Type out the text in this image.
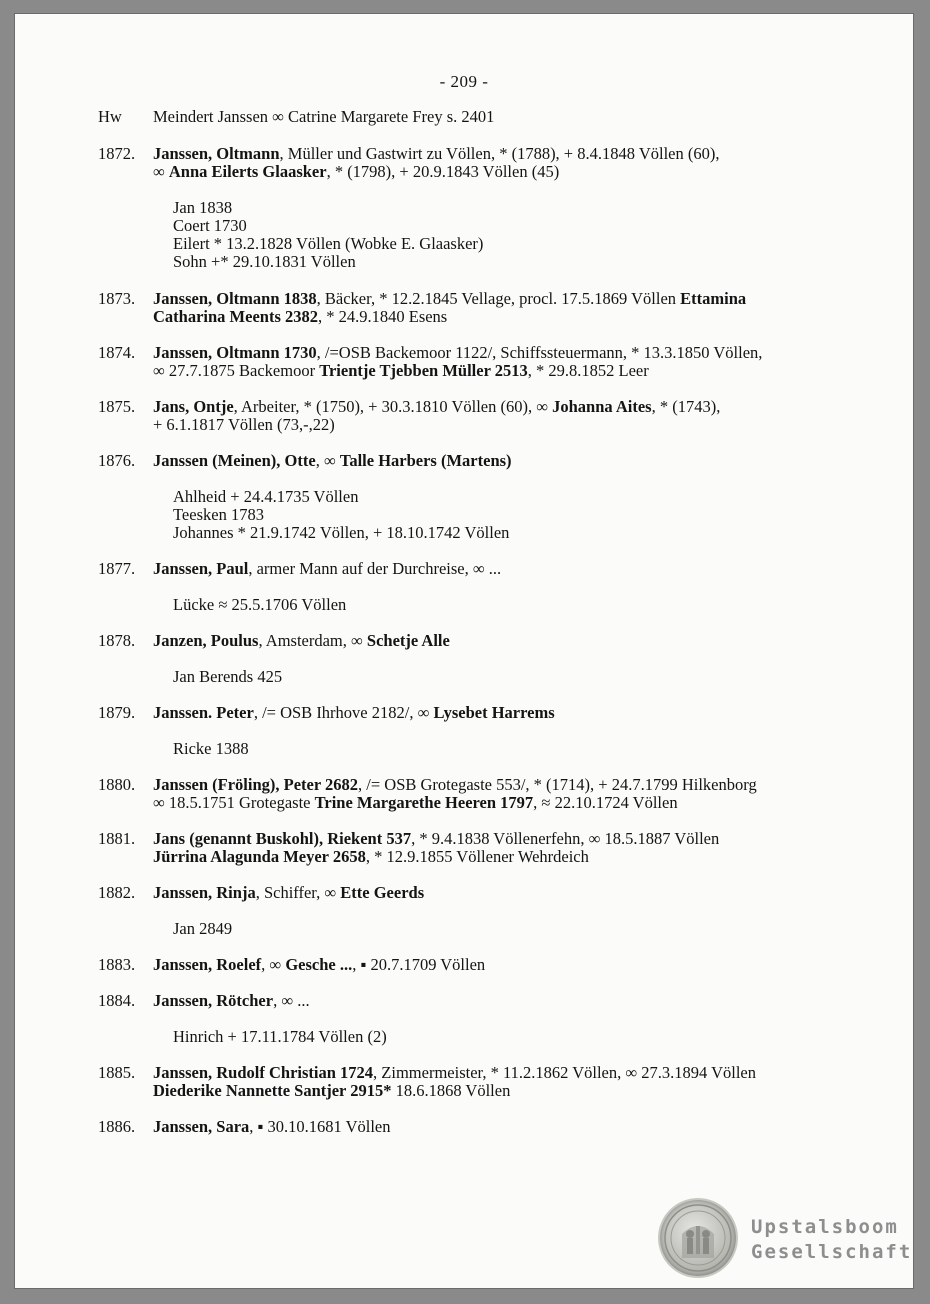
- 209 -
Hw	Meindert Janssen ∞ Catrine Margarete Frey s. 2401
1872.	Janssen, Oltmann, Müller und Gastwirt zu Völlen, * (1788), + 8.4.1848 Völlen (60),
∞ Anna Eilerts Glaasker, * (1798), + 20.9.1843 Völlen (45)
Jan 1838
Coert 1730
Eilert * 13.2.1828 Völlen (Wobke E. Glaasker)
Sohn +* 29.10.1831 Völlen
1873.	Janssen, Oltmann 1838, Bäcker, * 12.2.1845 Vellage, procl. 17.5.1869 Völlen Ettamina
Catharina Meents 2382, * 24.9.1840 Esens
1874.	Janssen, Oltmann 1730, /=OSB Backemoor 1122/, Schiffssteuermann, * 13.3.1850 Völlen,
∞ 27.7.1875 Backemoor Trientje Tjebben Müller 2513, * 29.8.1852 Leer
1875.	Jans, Ontje, Arbeiter, * (1750), + 30.3.1810 Völlen (60), ∞ Johanna Aites, * (1743),
+ 6.1.1817 Völlen (73,-,22)
1876.	Janssen (Meinen), Otte, ∞ Talle Harbers (Martens)
Ahlheid + 24.4.1735 Völlen
Teesken 1783
Johannes * 21.9.1742 Völlen, + 18.10.1742 Völlen
1877.	Janssen, Paul, armer Mann auf der Durchreise, ∞ ...
Lücke ≈ 25.5.1706 Völlen
1878.	Janzen, Poulus, Amsterdam, ∞ Schetje Alle
Jan Berends 425
1879.	Janssen. Peter, /= OSB Ihrhove 2182/, ∞ Lysebet Harrems
Ricke 1388
1880.	Janssen (Fröling), Peter 2682, /= OSB Grotegaste 553/, * (1714), + 24.7.1799 Hilkenborg
∞ 18.5.1751 Grotegaste Trine Margarethe Heeren 1797, ≈ 22.10.1724 Völlen
1881.	Jans (genannt Buskohl), Riekent 537, * 9.4.1838 Völlenerfehn, ∞ 18.5.1887 Völlen
Jürrina Alagunda Meyer 2658, * 12.9.1855 Völlener Wehrdeich
1882.	Janssen, Rinja, Schiffer, ∞ Ette Geerds
Jan 2849
1883.	Janssen, Roelef, ∞ Gesche ..., ▪ 20.7.1709 Völlen
1884.	Janssen, Rötcher, ∞ ...
Hinrich + 17.11.1784 Völlen (2)
1885.	Janssen, Rudolf Christian 1724, Zimmermeister, * 11.2.1862 Völlen, ∞ 27.3.1894 Völlen
Diederike Nannette Santjer 2915* 18.6.1868 Völlen
1886.	Janssen, Sara, ▪ 30.10.1681 Völlen
Upstalsboom
Gesellschaft
